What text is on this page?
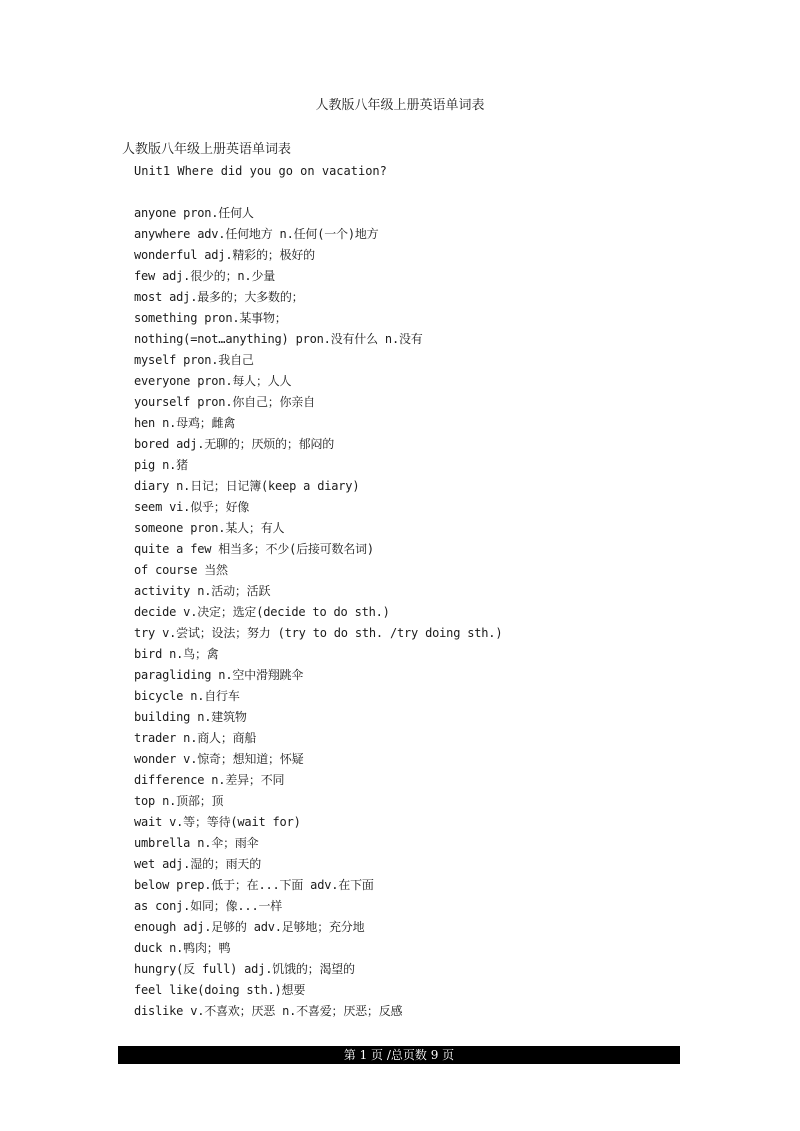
人教版八年级上册英语单词表
人教版八年级上册英语单词表
Unit1 Where did you go on vacation?
anyone pron.任何人
anywhere adv.任何地方 n.任何(一个)地方
wonderful adj.精彩的；极好的
few adj.很少的；n.少量
most adj.最多的；大多数的；
something pron.某事物；
nothing(=not…anything) pron.没有什么 n.没有
myself pron.我自己
everyone pron.每人；人人
yourself pron.你自己；你亲自
hen n.母鸡；雌禽
bored adj.无聊的；厌烦的；郁闷的
pig n.猪
diary n.日记；日记簿(keep a diary)
seem vi.似乎；好像
someone pron.某人；有人
quite a few 相当多；不少(后接可数名词)
of course 当然
activity n.活动；活跃
decide v.决定；选定(decide to do sth.)
try v.尝试；设法；努力 (try to do sth. /try doing sth.)
bird n.鸟；禽
paragliding n.空中滑翔跳伞
bicycle n.自行车
building n.建筑物
trader n.商人；商船
wonder v.惊奇；想知道；怀疑
difference n.差异；不同
top n.顶部；顶
wait v.等；等待(wait for)
umbrella n.伞；雨伞
wet adj.湿的；雨天的
below prep.低于；在...下面 adv.在下面
as conj.如同；像...一样
enough adj.足够的 adv.足够地；充分地
duck n.鸭肉；鸭
hungry(反 full) adj.饥饿的；渴望的
feel like(doing sth.)想要
dislike v.不喜欢；厌恶 n.不喜爱；厌恶；反感
第 1 页 /总页数 9 页
